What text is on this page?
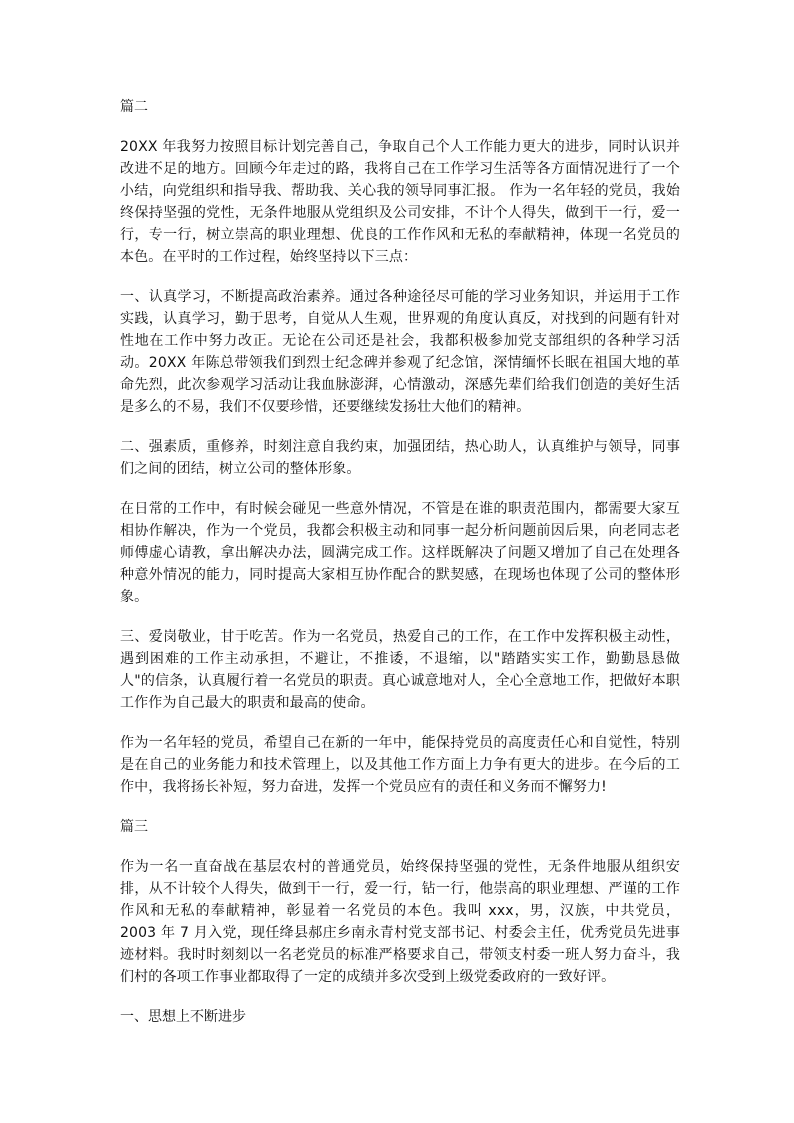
篇二

20XX 年我努力按照目标计划完善自己，争取自己个人工作能力更大的进步，同时认识并改进不足的地方。回顾今年走过的路，我将自己在工作学习生活等各方面情况进行了一个小结，向党组织和指导我、帮助我、关心我的领导同事汇报。 作为一名年轻的党员，我始终保持坚强的党性，无条件地服从党组织及公司安排，不计个人得失，做到干一行，爱一行，专一行，树立崇高的职业理想、优良的工作作风和无私的奉献精神，体现一名党员的本色。在平时的工作过程，始终坚持以下三点：

一、认真学习，不断提高政治素养。通过各种途径尽可能的学习业务知识，并运用于工作实践，认真学习，勤于思考，自觉从人生观，世界观的角度认真反，对找到的问题有针对性地在工作中努力改正。无论在公司还是社会，我都积极参加党支部组织的各种学习活动。20XX 年陈总带领我们到烈士纪念碑并参观了纪念馆，深情缅怀长眠在祖国大地的革命先烈，此次参观学习活动让我血脉澎湃，心情激动，深感先辈们给我们创造的美好生活是多么的不易，我们不仅要珍惜，还要继续发扬壮大他们的精神。

二、强素质，重修养，时刻注意自我约束，加强团结，热心助人，认真维护与领导，同事们之间的团结，树立公司的整体形象。

在日常的工作中，有时候会碰见一些意外情况，不管是在谁的职责范围内，都需要大家互相协作解决，作为一个党员，我都会积极主动和同事一起分析问题前因后果，向老同志老师傅虚心请教，拿出解决办法，圆满完成工作。这样既解决了问题又增加了自己在处理各种意外情况的能力，同时提高大家相互协作配合的默契感，在现场也体现了公司的整体形象。

三、爱岗敬业，甘于吃苦。作为一名党员，热爱自己的工作，在工作中发挥积极主动性，遇到困难的工作主动承担，不避让，不推诿，不退缩，以"踏踏实实工作，勤勤恳恳做人"的信条，认真履行着一名党员的职责。真心诚意地对人，全心全意地工作，把做好本职工作作为自己最大的职责和最高的使命。

作为一名年轻的党员，希望自己在新的一年中，能保持党员的高度责任心和自觉性，特别是在自己的业务能力和技术管理上，以及其他工作方面上力争有更大的进步。在今后的工作中，我将扬长补短，努力奋进，发挥一个党员应有的责任和义务而不懈努力!

篇三

作为一名一直奋战在基层农村的普通党员，始终保持坚强的党性，无条件地服从组织安排，从不计较个人得失，做到干一行，爱一行，钻一行，他崇高的职业理想、严谨的工作作风和无私的奉献精神，彰显着一名党员的本色。我叫 xxx，男，汉族，中共党员，2003 年 7 月入党，现任绛县郝庄乡南永青村党支部书记、村委会主任，优秀党员先进事迹材料。我时时刻刻以一名老党员的标准严格要求自己，带领支村委一班人努力奋斗，我们村的各项工作事业都取得了一定的成绩并多次受到上级党委政府的一致好评。

一、思想上不断进步
